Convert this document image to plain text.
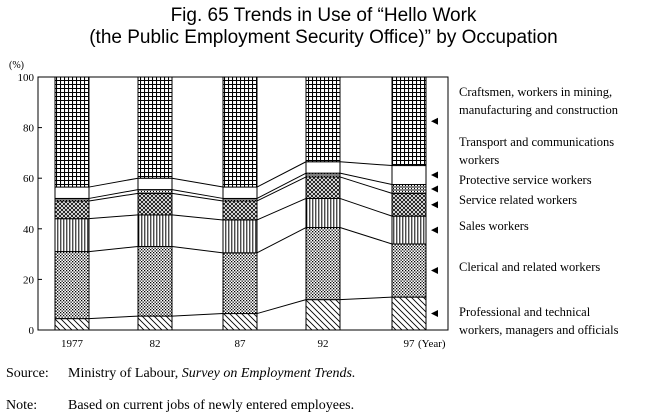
Fig. 65 Trends in Use of “Hello Work
(the Public Employment Security Office)” by Occupation
0
20
40
60
80
100
(%)
1977	82	87	92	97 (Year)
Professional and technical
workers, managers and officials
Clerical and related workers
Sales workers
Service related workers
Protective service workers
Transport and communications
workers
Craftsmen, workers in mining,
manufacturing and construction
Source: Ministry of Labour, Survey on Employment Trends.
Note: Based on current jobs of newly entered employees.
